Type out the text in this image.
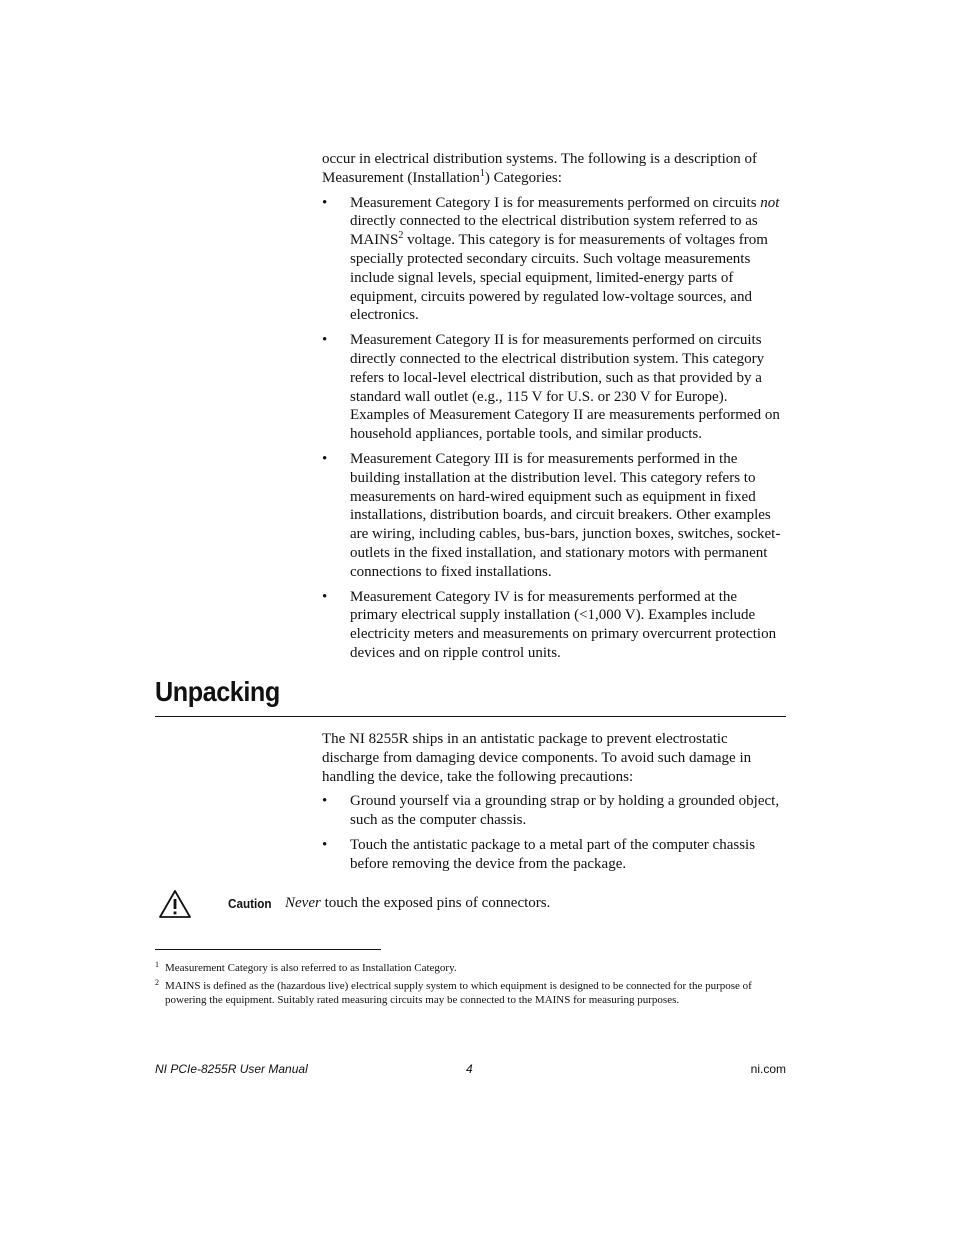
occur in electrical distribution systems. The following is a description of
Measurement (Installation$^1$) Categories:

• Measurement Category I is for measurements performed on circuits not directly connected to the electrical distribution system referred to as MAINS$^2$ voltage. This category is for measurements of voltages from specially protected secondary circuits. Such voltage measurements include signal levels, special equipment, limited-energy parts of equipment, circuits powered by regulated low-voltage sources, and electronics.
• Measurement Category II is for measurements performed on circuits directly connected to the electrical distribution system. This category refers to local-level electrical distribution, such as that provided by a standard wall outlet (e.g., 115 V for U.S. or 230 V for Europe). Examples of Measurement Category II are measurements performed on household appliances, portable tools, and similar products.
• Measurement Category III is for measurements performed in the building installation at the distribution level. This category refers to measurements on hard-wired equipment such as equipment in fixed installations, distribution boards, and circuit breakers. Other examples are wiring, including cables, bus-bars, junction boxes, switches, socket-outlets in the fixed installation, and stationary motors with permanent connections to fixed installations.
• Measurement Category IV is for measurements performed at the primary electrical supply installation (<1,000 V). Examples include electricity meters and measurements on primary overcurrent protection devices and on ripple control units.
Unpacking

The NI 8255R ships in an antistatic package to prevent electrostatic discharge from damaging device components. To avoid such damage in handling the device, take the following precautions:

• Ground yourself via a grounding strap or by holding a grounded object, such as the computer chassis.
• Touch the antistatic package to a metal part of the computer chassis before removing the device from the package.
Caution Never touch the exposed pins of connectors.
1 Measurement Category is also referred to as Installation Category.
2 MAINS is defined as the (hazardous live) electrical supply system to which equipment is designed to be connected for the purpose of powering the equipment. Suitably rated measuring circuits may be connected to the MAINS for measuring purposes.
NI PCIe-8255R User Manual	4	ni.com
